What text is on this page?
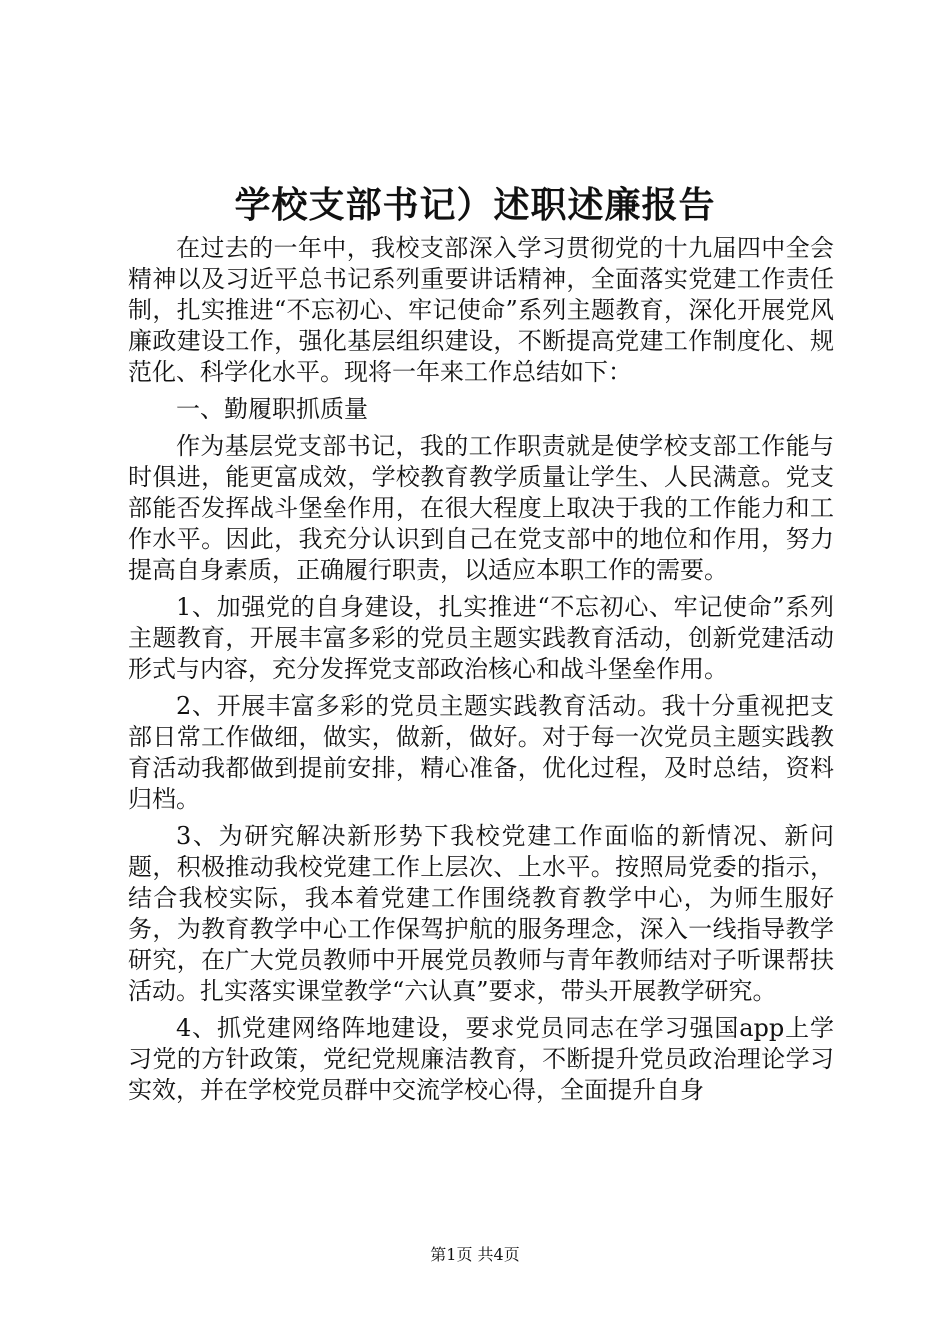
学校支部书记）述职述廉报告

在过去的一年中，我校支部深入学习贯彻党的十九届四中全会精神以及习近平总书记系列重要讲话精神，全面落实党建工作责任制，扎实推进“不忘初心、牢记使命”系列主题教育，深化开展党风廉政建设工作，强化基层组织建设，不断提高党建工作制度化、规范化、科学化水平。现将一年来工作总结如下：

一、勤履职抓质量

作为基层党支部书记，我的工作职责就是使学校支部工作能与时俱进，能更富成效，学校教育教学质量让学生、人民满意。党支部能否发挥战斗堡垒作用，在很大程度上取决于我的工作能力和工作水平。因此，我充分认识到自己在党支部中的地位和作用，努力提高自身素质，正确履行职责，以适应本职工作的需要。

1、加强党的自身建设，扎实推进“不忘初心、牢记使命”系列主题教育，开展丰富多彩的党员主题实践教育活动，创新党建活动形式与内容，充分发挥党支部政治核心和战斗堡垒作用。

2、开展丰富多彩的党员主题实践教育活动。我十分重视把支部日常工作做细，做实，做新，做好。对于每一次党员主题实践教育活动我都做到提前安排，精心准备，优化过程，及时总结，资料归档。

3、为研究解决新形势下我校党建工作面临的新情况、新问题，积极推动我校党建工作上层次、上水平。按照局党委的指示，结合我校实际，我本着党建工作围绕教育教学中心，为师生服好务，为教育教学中心工作保驾护航的服务理念，深入一线指导教学研究，在广大党员教师中开展党员教师与青年教师结对子听课帮扶活动。扎实落实课堂教学“六认真”要求，带头开展教学研究。

4、抓党建网络阵地建设，要求党员同志在学习强国app上学习党的方针政策，党纪党规廉洁教育，不断提升党员政治理论学习实效，并在学校党员群中交流学校心得，全面提升自身

第1页 共4页
